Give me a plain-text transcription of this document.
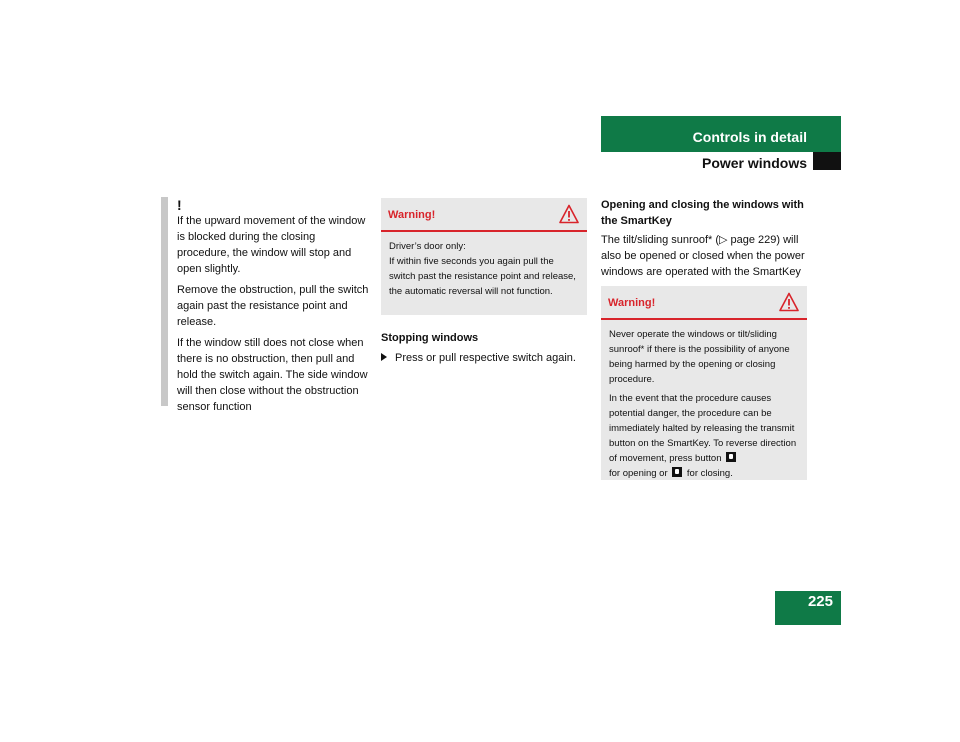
Controls in detail
Power windows
!

If the upward movement of the window is blocked during the closing procedure, the window will stop and open slightly.

Remove the obstruction, pull the switch again past the resistance point and release.

If the window still does not close when there is no obstruction, then pull and hold the switch again. The side window will then close without the obstruction sensor function

Warning!
Driver’s door only:
If within five seconds you again pull the switch past the resistance point and release, the automatic reversal will not function.
Stopping windows
Press or pull respective switch again.
Opening and closing the windows with the SmartKey
The tilt/sliding sunroof* (▷ page 229) will also be opened or closed when the power windows are operated with the SmartKey
Warning!

Never operate the windows or tilt/sliding sunroof* if there is the possibility of anyone being harmed by the opening or closing procedure.

In the event that the procedure causes potential danger, the procedure can be immediately halted by releasing the transmit button on the SmartKey. To reverse direction of movement, press button
for opening or for closing.

225
